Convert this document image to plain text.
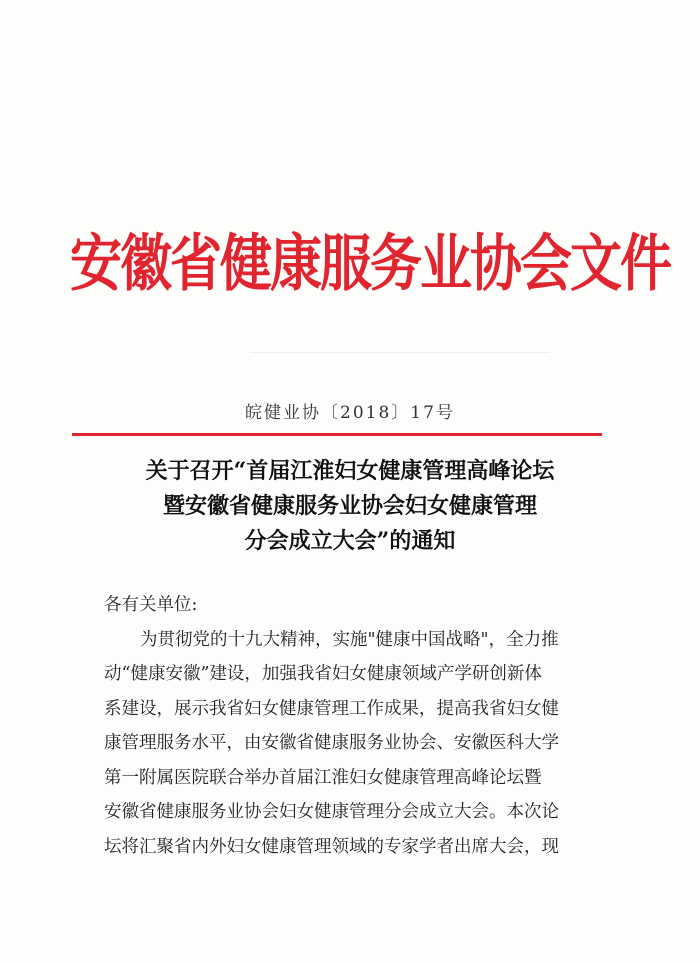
安徽省健康服务业协会文件
皖健业协〔2018〕17号
关于召开“首届江淮妇女健康管理高峰论坛
暨安徽省健康服务业协会妇女健康管理
分会成立大会”的通知
各有关单位:
为贯彻党的十九大精神，实施"健康中国战略"，全力推
动“健康安徽”建设，加强我省妇女健康领域产学研创新体
系建设，展示我省妇女健康管理工作成果，提高我省妇女健
康管理服务水平，由安徽省健康服务业协会、安徽医科大学
第一附属医院联合举办首届江淮妇女健康管理高峰论坛暨
安徽省健康服务业协会妇女健康管理分会成立大会。本次论
坛将汇聚省内外妇女健康管理领域的专家学者出席大会，现
